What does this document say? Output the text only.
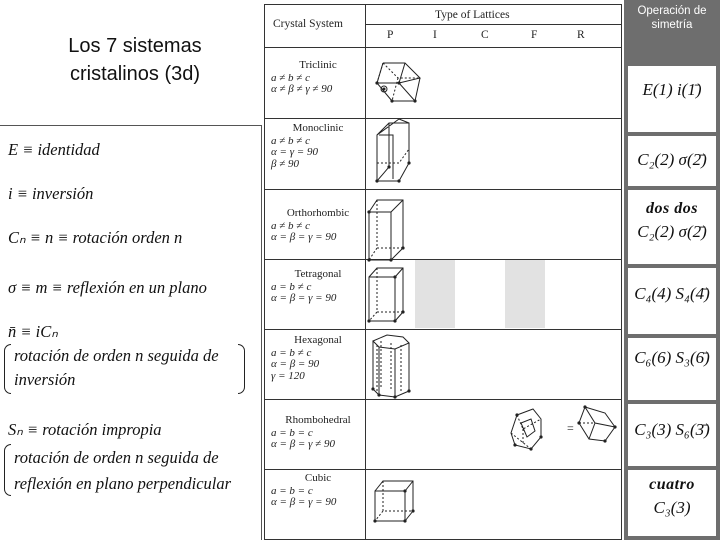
Los 7 sistemas
cristalinos (3d)
E ≡ identidad
i ≡ inversión
Cₙ ≡ n ≡ rotación orden n
σ ≡ m ≡ reflexión en un plano
n̄ ≡ iCₙ
rotación de orden n seguida de
inversión
Sₙ ≡ rotación impropia
rotación de orden n seguida de
reflexión en plano perpendicular
Crystal System
Type of Lattices
P	I	C	F	R
Triclinic
a ≠ b ≠ c
α ≠ β ≠ γ ≠ 90
Monoclinic
a ≠ b ≠ c
α = γ = 90
β ≠ 90
Orthorhombic
a ≠ b ≠ c
α = β = γ = 90
Tetragonal
a = b ≠ c
α = β = γ = 90
Hexagonal
a = b ≠ c
α = β = 90
γ = 120
Rhombohedral
a = b = c
α = β = γ ≠ 90
Cubic
a = b = c
α = β = γ = 90
=
Operación de simetría
E(1) i(1̄)
C₂(2) σ(2̄)
dos dos
C₂(2) σ(2̄)
C₄(4) S₄(4̄)
C₆(6) S₃(6̄)
C₃(3) S₆(3̄)
cuatro
C₃(3)
